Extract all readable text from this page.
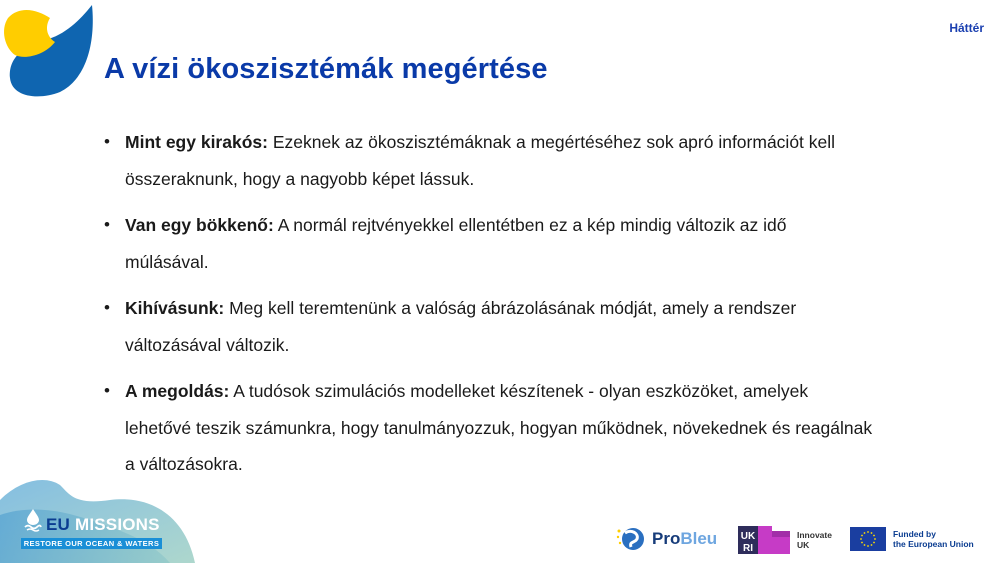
Háttér
A vízi ökoszisztémák megértése
• Mint egy kirakós: Ezeknek az ökoszisztémáknak a megértéséhez sok apró információt kell összeraknunk, hogy a nagyobb képet lássuk.
• Van egy bökkenő: A normál rejtvényekkel ellentétben ez a kép mindig változik az idő múlásával.
• Kihívásunk: Meg kell teremtenünk a valóság ábrázolásának módját, amely a rendszer változásával változik.
• A megoldás: A tudósok szimulációs modelleket készítenek - olyan eszközöket, amelyek lehetővé teszik számunkra, hogy tanulmányozzuk, hogyan működnek, növekednek és reagálnak a változásokra.
EU MISSIONS
RESTORE OUR OCEAN & WATERS	ProBleu UK
RI
Innovate
UK
Funded by
the European Union
